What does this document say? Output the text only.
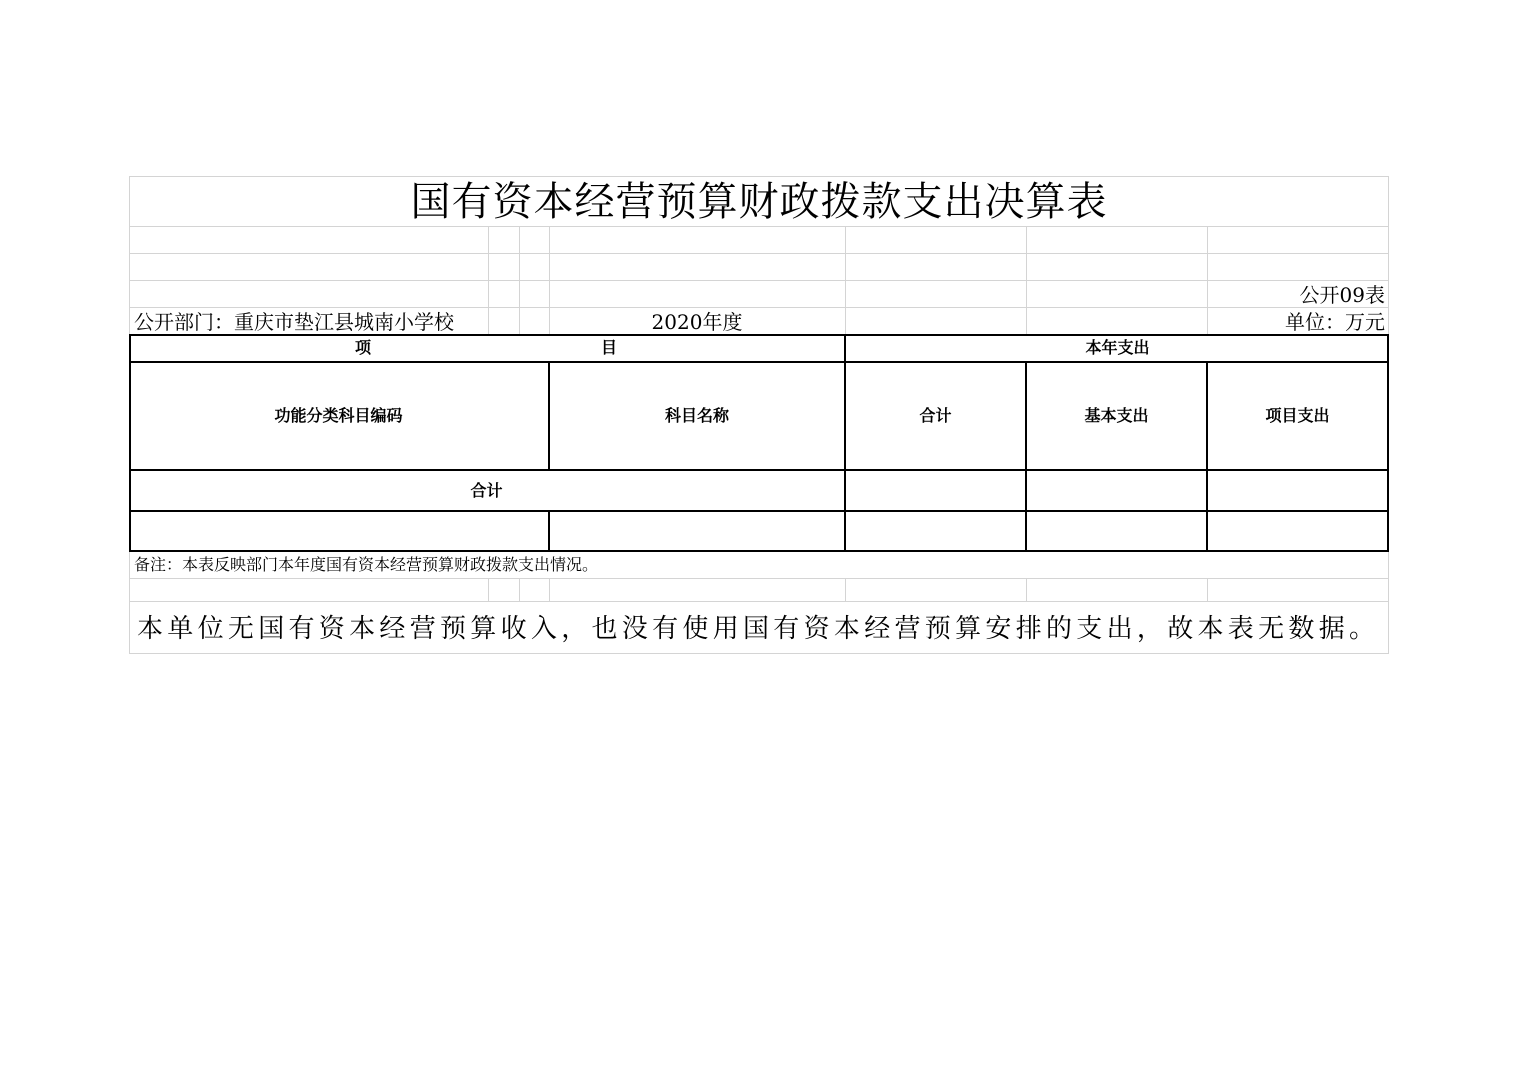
国有资本经营预算财政拨款支出决算表
公开09表
公开部门：重庆市垫江县城南小学校	2020年度	单位：万元
项	目	本年支出
功能分类科目编码	科目名称	合计	基本支出	项目支出
合计
备注：本表反映部门本年度国有资本经营预算财政拨款支出情况。
本单位无国有资本经营预算收入，也没有使用国有资本经营预算安排的支出，故本表无数据。
